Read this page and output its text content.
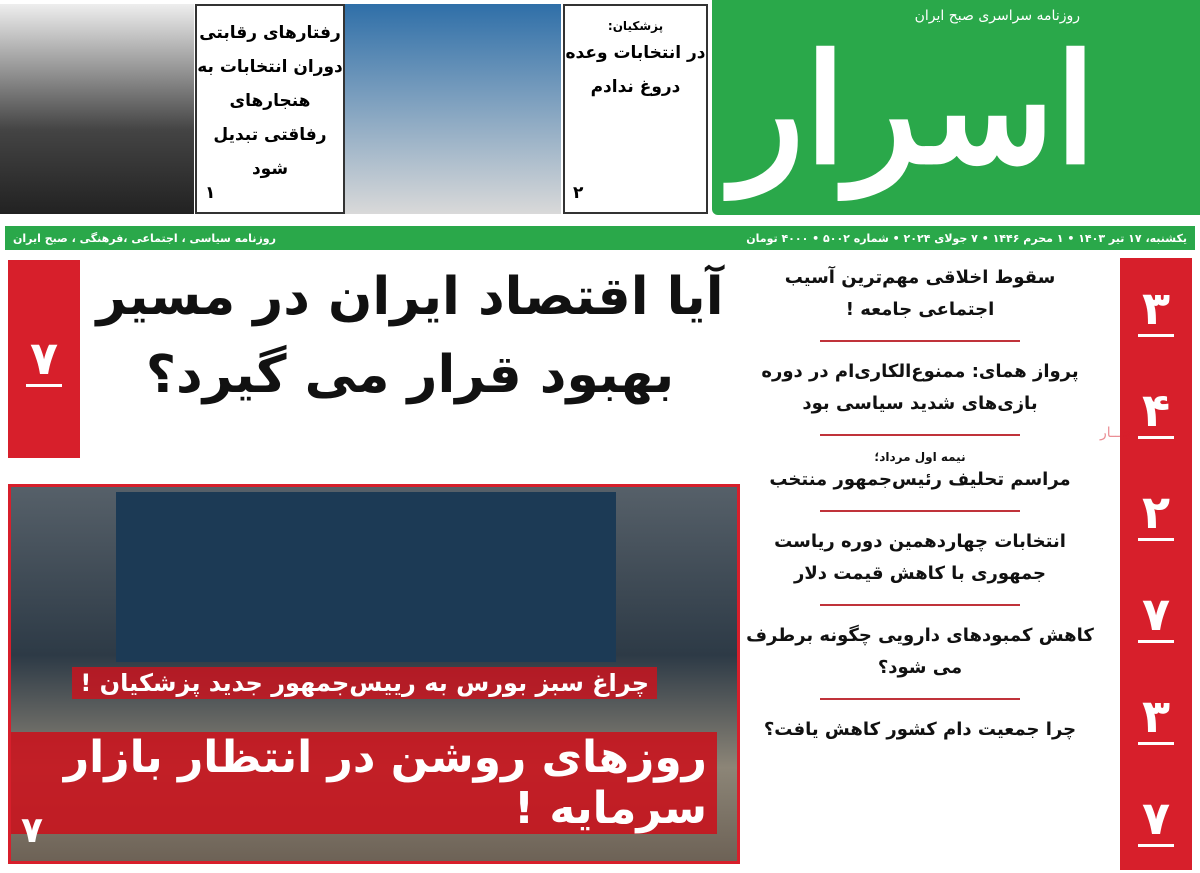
اسرار
روزنامه سراسری صبح ایران
پزشکیان:
در انتخابات وعده دروغ ندادم
۲
رفتارهای رقابتی دوران انتخابات به هنجارهای رفاقتی تبدیل شود
۱
یکشنبه، ۱۷ تیر ۱۴۰۳ • ۱ محرم ۱۴۴۶ • ۷ جولای ۲۰۲۴ • شماره ۵۰۰۲ • ۴۰۰۰ تومان
روزنامه سیاسی ، اجتماعی ،فرهنگی ، صبح ایران
۷
آیا اقتصاد ایران در مسیر بهبود قرار می گیرد؟
چراغ سبز بورس به رییس‌جمهور جدید پزشکیان !
روزهای روشن در انتظار بازار سرمایه !
۷
سقوط اخلاقی مهم‌ترین آسیب اجتماعی جامعه !
پرواز همای: ممنوع‌الکاری‌ام در دوره بازی‌های شدید سیاسی بود
نیمه اول مرداد؛
مراسم تحلیف رئیس‌جمهور منتخب
انتخابات چهاردهمین دوره ریاست جمهوری با کاهش قیمت دلار
کاهش کمبودهای دارویی چگونه برطرف می شود؟
چرا جمعیت دام کشور کاهش یافت؟
۳
۴
۲
۷
۳
۷
جـــار
